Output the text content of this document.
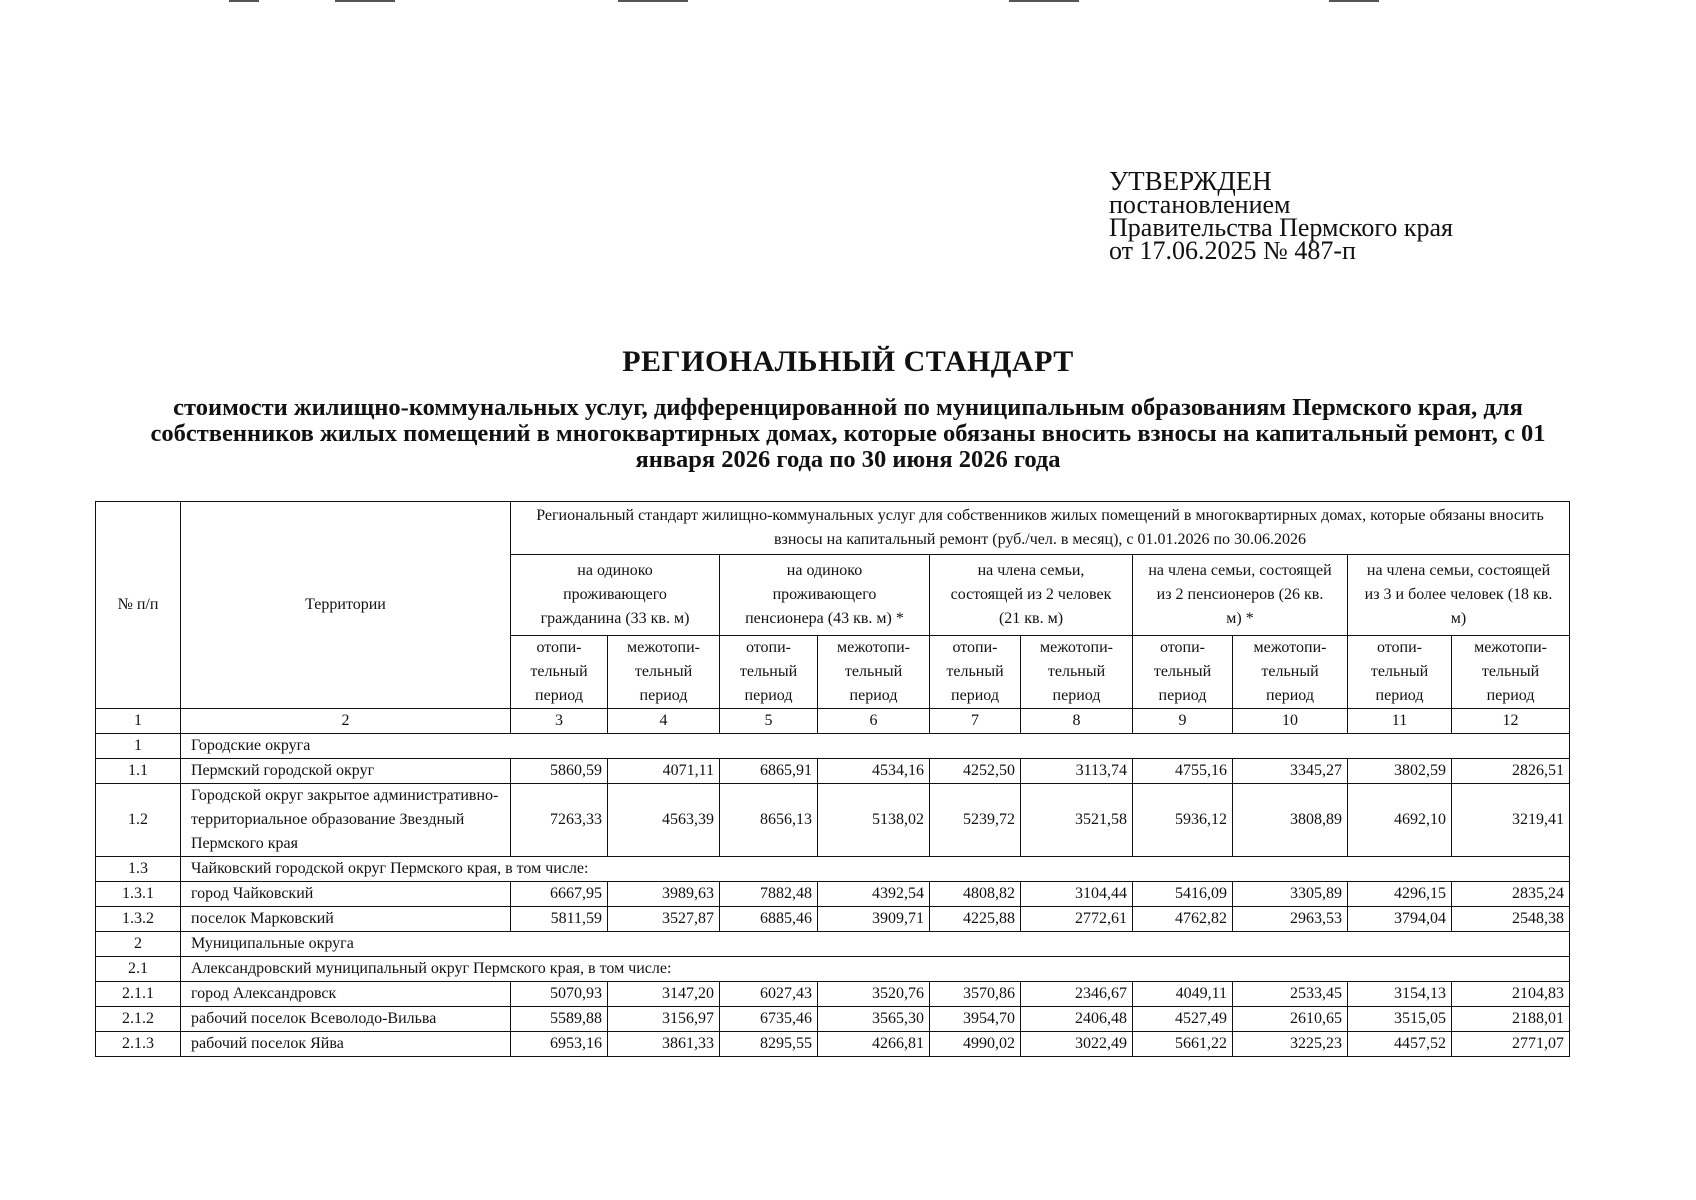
УТВЕРЖДЕН
постановлением
Правительства Пермского края
от 17.06.2025 № 487-п
РЕГИОНАЛЬНЫЙ СТАНДАРТ
стоимости жилищно-коммунальных услуг, дифференцированной по муниципальным образованиям Пермского края, для собственников жилых помещений в многоквартирных домах, которые обязаны вносить взносы на капитальный ремонт, с 01 января 2026 года по 30 июня 2026 года
№ п/п	Территории	Региональный стандарт жилищно-коммунальных услуг для собственников жилых помещений в многоквартирных домах, которые обязаны вносить взносы на капитальный ремонт (руб./чел. в месяц), с 01.01.2026 по 30.06.2026									
		на одиноко проживающего гражданина (33 кв. м)		на одиноко проживающего пенсионера (43 кв. м) *		на члена семьи, состоящей из 2 человек (21 кв. м)		на члена семьи, состоящей из 2 пенсионеров (26 кв. м) *		на члена семьи, состоящей из 3 и более человек (18 кв. м)	
		отопи- тельный период	межотопи- тельный период	отопи- тельный период	межотопи- тельный период	отопи- тельный период	межотопи- тельный период	отопи- тельный период	межотопи- тельный период	отопи- тельный период	межотопи- тельный период
1	2	3	4	5	6	7	8	9	10	11	12
1	Городские округа										
1.1	Пермский городской округ	5860,59	4071,11	6865,91	4534,16	4252,50	3113,74	4755,16	3345,27	3802,59	2826,51
1.2	Городской округ закрытое административно-территориальное образование Звездный Пермского края	7263,33	4563,39	8656,13	5138,02	5239,72	3521,58	5936,12	3808,89	4692,10	3219,41
1.3	Чайковский городской округ Пермского края, в том числе:										
1.3.1	город Чайковский	6667,95	3989,63	7882,48	4392,54	4808,82	3104,44	5416,09	3305,89	4296,15	2835,24
1.3.2	поселок Марковский	5811,59	3527,87	6885,46	3909,71	4225,88	2772,61	4762,82	2963,53	3794,04	2548,38
2	Муниципальные округа										
2.1	Александровский муниципальный округ Пермского края, в том числе:										
2.1.1	город Александровск	5070,93	3147,20	6027,43	3520,76	3570,86	2346,67	4049,11	2533,45	3154,13	2104,83
2.1.2	рабочий поселок Всеволодо-Вильва	5589,88	3156,97	6735,46	3565,30	3954,70	2406,48	4527,49	2610,65	3515,05	2188,01
2.1.3	рабочий поселок Яйва	6953,16	3861,33	8295,55	4266,81	4990,02	3022,49	5661,22	3225,23	4457,52	2771,07
